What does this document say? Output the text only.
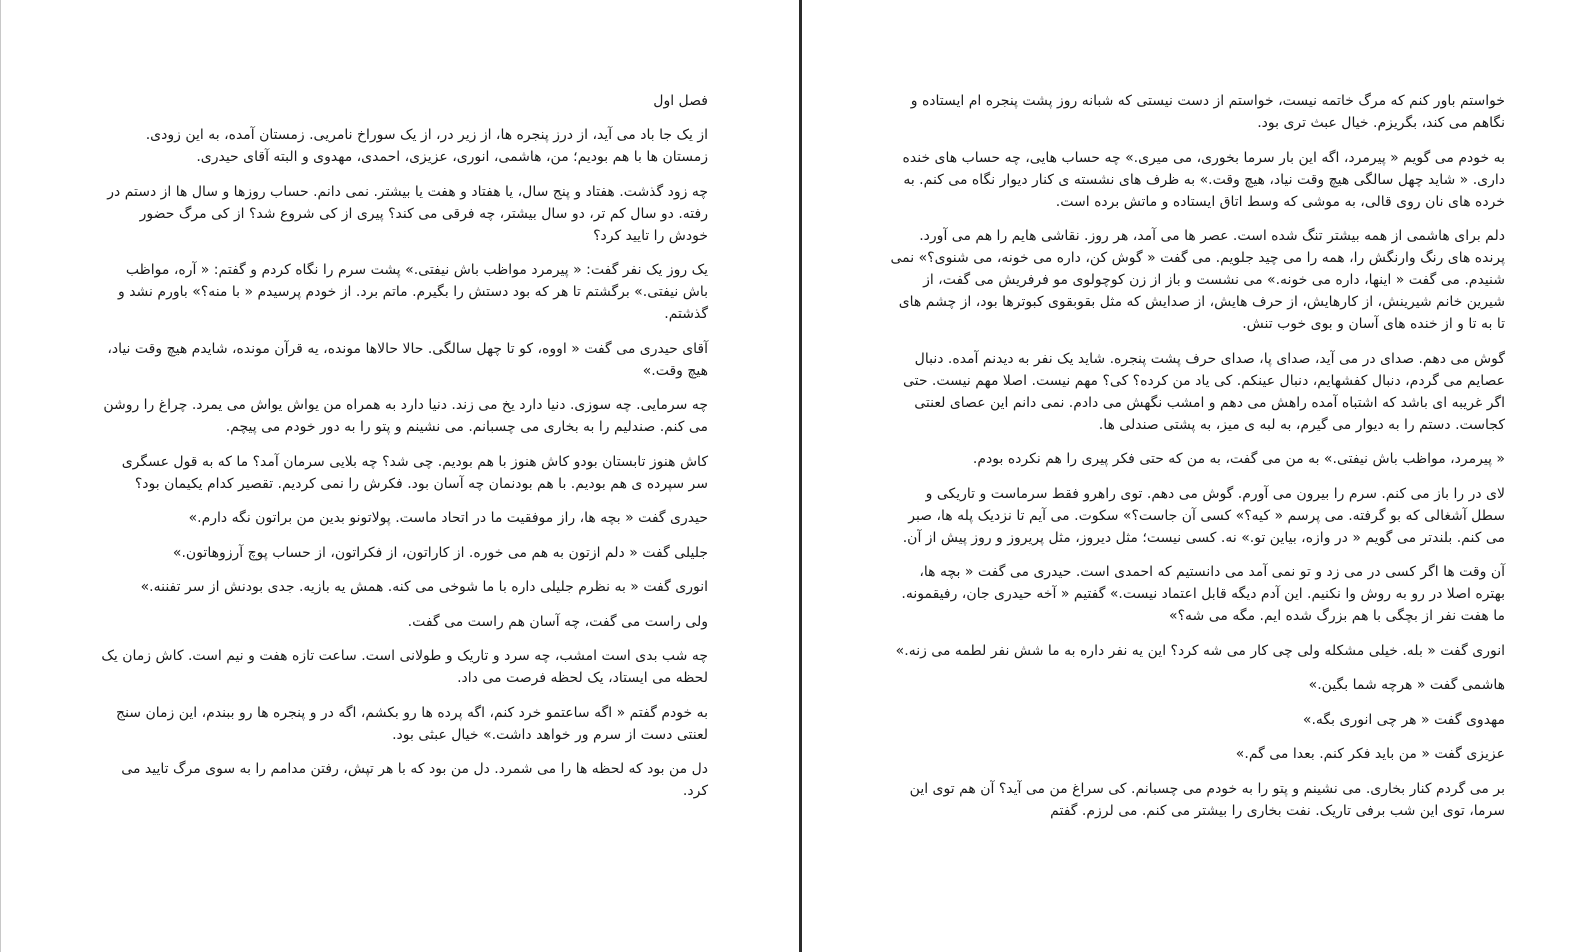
فصل اول

از یک جا باد می آید، از درز پنجره ها، از زیر در، از یک سوراخ نامریی. زمستان آمده، به این زودی. زمستان ها با هم بودیم؛ من، هاشمی، انوری، عزیزی، احمدی، مهدوی و البته آقای حیدری.

چه زود گذشت. هفتاد و پنج سال، یا هفتاد و هفت یا بیشتر. نمی دانم. حساب روزها و سال ها از دستم در رفته. دو سال کم تر، دو سال بیشتر، چه فرقی می کند؟ پیری از کی شروع شد؟ از کی مرگ حضور خودش را تایید کرد؟

یک روز یک نفر گفت: « پیرمرد مواظب باش نیفتی.» پشت سرم را نگاه کردم و گفتم: « آره، مواظب باش نیفتی.» برگشتم تا هر که بود دستش را بگیرم. ماتم برد. از خودم پرسیدم « با منه؟» باورم نشد و گذشتم.

آقای حیدری می گفت « اووه، کو تا چهل سالگی. حالا حالاها مونده، یه قرآن مونده، شایدم هیچ وقت نیاد، هیچ وقت.»

چه سرمایی. چه سوزی. دنیا دارد یخ می زند. دنیا دارد به همراه من یواش یواش می یمرد. چراغ را روشن می کنم. صندلیم را به بخاری می چسبانم. می نشینم و پتو را به دور خودم می پیچم.

کاش هنوز تابستان بودو کاش هنوز با هم بودیم. چی شد؟ چه بلایی سرمان آمد؟ ما که به قول عسگری سر سپرده ی هم بودیم. با هم بودنمان چه آسان بود. فکرش را نمی کردیم. تقصیر کدام یکیمان بود؟

حیدری گفت « بچه ها، راز موفقیت ما در اتحاد ماست. پولاتونو بدین من براتون نگه دارم.»

جلیلی گفت « دلم ازتون به هم می خوره. از کاراتون، از فکراتون، از حساب پوچ آرزوهاتون.»

انوری گفت « به نظرم جلیلی داره با ما شوخی می کنه. همش یه بازیه. جدی بودنش از سر تفننه.»

ولی راست می گفت، چه آسان هم راست می گفت.

چه شب بدی است امشب، چه سرد و تاریک و طولانی است. ساعت تازه هفت و نیم است. کاش زمان یک لحظه می ایستاد، یک لحظه فرصت می داد.

به خودم گفتم « اگه ساعتمو خرد کنم، اگه پرده ها رو بکشم، اگه در و پنجره ها رو ببندم، این زمان سنج لعنتی دست از سرم ور خواهد داشت.» خیال عبثی بود.

دل من بود که لحظه ها را می شمرد. دل من بود که با هر تپش، رفتن مدامم را به سوی مرگ تایید می کرد.

خواستم باور کنم که مرگ خاتمه نیست، خواستم از دست نیستی که شبانه روز پشت پنجره ام ایستاده و نگاهم می کند، بگریزم. خیال عبث تری بود.

به خودم می گویم « پیرمرد، اگه این بار سرما بخوری، می میری.» چه حساب هایی، چه حساب های خنده داری. « شاید چهل سالگی هیچ وقت نیاد، هیچ وقت.» به ظرف های نشسته ی کنار دیوار نگاه می کنم. به خرده های نان روی قالی، به موشی که وسط اتاق ایستاده و ماتش برده است.

دلم برای هاشمی از همه بیشتر تنگ شده است. عصر ها می آمد، هر روز. نقاشی هایم را هم می آورد. پرنده های رنگ وارنگش را، همه را می چید جلویم. می گفت « گوش کن، داره می خونه، می شنوی؟» نمی شنیدم. می گفت « اینها، داره می خونه.» می نشست و باز از زن کوچولوی مو فرفریش می گفت، از شیرین خانم شیرینش، از کارهایش، از حرف هایش، از صدایش که مثل بقوبقوی کبوترها بود، از چشم های تا به تا و از خنده های آسان و بوی خوب تنش.

گوش می دهم. صدای در می آید، صدای پا، صدای حرف پشت پنجره. شاید یک نفر به دیدنم آمده. دنبال عصایم می گردم، دنبال کفشهایم، دنبال عینکم. کی یاد من کرده؟ کی؟ مهم نیست. اصلا مهم نیست. حتی اگر غریبه ای باشد که اشتباه آمده راهش می دهم و امشب نگهش می دادم. نمی دانم این عصای لعنتی کجاست. دستم را به دیوار می گیرم، به لبه ی میز، به پشتی صندلی ها.

« پیرمرد، مواظب باش نیفتی.» به من می گفت، به من که حتی فکر پیری را هم نکرده بودم.

لای در را باز می کنم. سرم را بیرون می آورم. گوش می دهم. توی راهرو فقط سرماست و تاریکی و سطل آشغالی که بو گرفته. می پرسم « کیه؟» کسی آن جاست؟» سکوت. می آیم تا نزدیک پله ها، صبر می کنم. بلندتر می گویم « در وازه، بیاین تو.» نه. کسی نیست؛ مثل دیروز، مثل پریروز و روز پیش از آن.

آن وقت ها اگر کسی در می زد و تو نمی آمد می دانستیم که احمدی است. حیدری می گفت « بچه ها، بهتره اصلا در رو به روش وا نکنیم. این آدم دیگه قابل اعتماد نیست.» گفتیم « آخه حیدری جان، رفیقمونه. ما هفت نفر از بچگی با هم بزرگ شده ایم. مگه می شه؟»

انوری گفت « بله. خیلی مشکله ولی چی کار می شه کرد؟ این یه نفر داره به ما شش نفر لطمه می زنه.»

هاشمی گفت « هرچه شما بگین.»

مهدوی گفت « هر چی انوری بگه.»

عزیزی گفت « من باید فکر کنم. بعدا می گم.»

بر می گردم کنار بخاری. می نشینم و پتو را به خودم می چسبانم. کی سراغ من می آید؟ آن هم توی این سرما، توی این شب برفی تاریک. نفت بخاری را بیشتر می کنم. می لرزم. گفتم
